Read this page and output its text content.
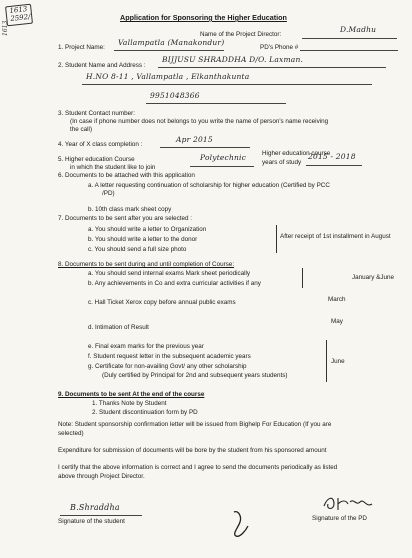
1613
2592/
1613
Application for Sponsoring the Higher Education
Name of the Project Director:
D.Madhu
1. Project Name:
Vallampatla (Manakondur)
PD's Phone #
2. Student Name and Address :
BIJJUSU SHRADDHA D/O. Laxman.
H.NO 8-11 , Vallampatla , Elkanthakunta
9951048366
3. Student Contact number:
(In case if phone number does not belongs to you write the name of person's name receiving
the call)
4. Year of X class completion :
Apr 2015
5. Higher education Course
in which the student like to join
Polytechnic	Higher education course
years of study
2015 - 2018
6. Documents to be attached with this application
a. A letter requesting continuation of scholarship for higher education (Certified by PCC
/PD)
b. 10th class mark sheet copy
7. Documents to be sent after you are selected :
a. You should write a letter to Organization
b. You should write a letter to the donor
c. You should send a full size photo
After receipt of 1st installment in August
8. Documents to be sent during and until completion of Course:
a. You should send internal exams Mark sheet periodically
b. Any achievements in Co and extra curricular activities if any
January &June
March
c. Hall Ticket Xerox copy before annual public exams
May
d. Intimation of Result
e. Final exam marks for the previous year
f. Student request letter in the subsequent academic years
g. Certificate for non-availing Govt/ any other scholarship
(Duly certified by Principal for 2nd and subsequent years students)
June
9. Documents to be sent At the end of the course
1. Thanks Note by Student
2. Student discontinuation form by PD
Note: Student sponsorship confirmation letter will be issued from Bighelp For Education (If you are
selected)
Expenditure for submission of documents will be bore by the student from his sponsored amount
I certify that the above information is correct and I agree to send the documents periodically as listed
above through Project Director.
B.Shraddha
Signature of the student	Signature of the PD
